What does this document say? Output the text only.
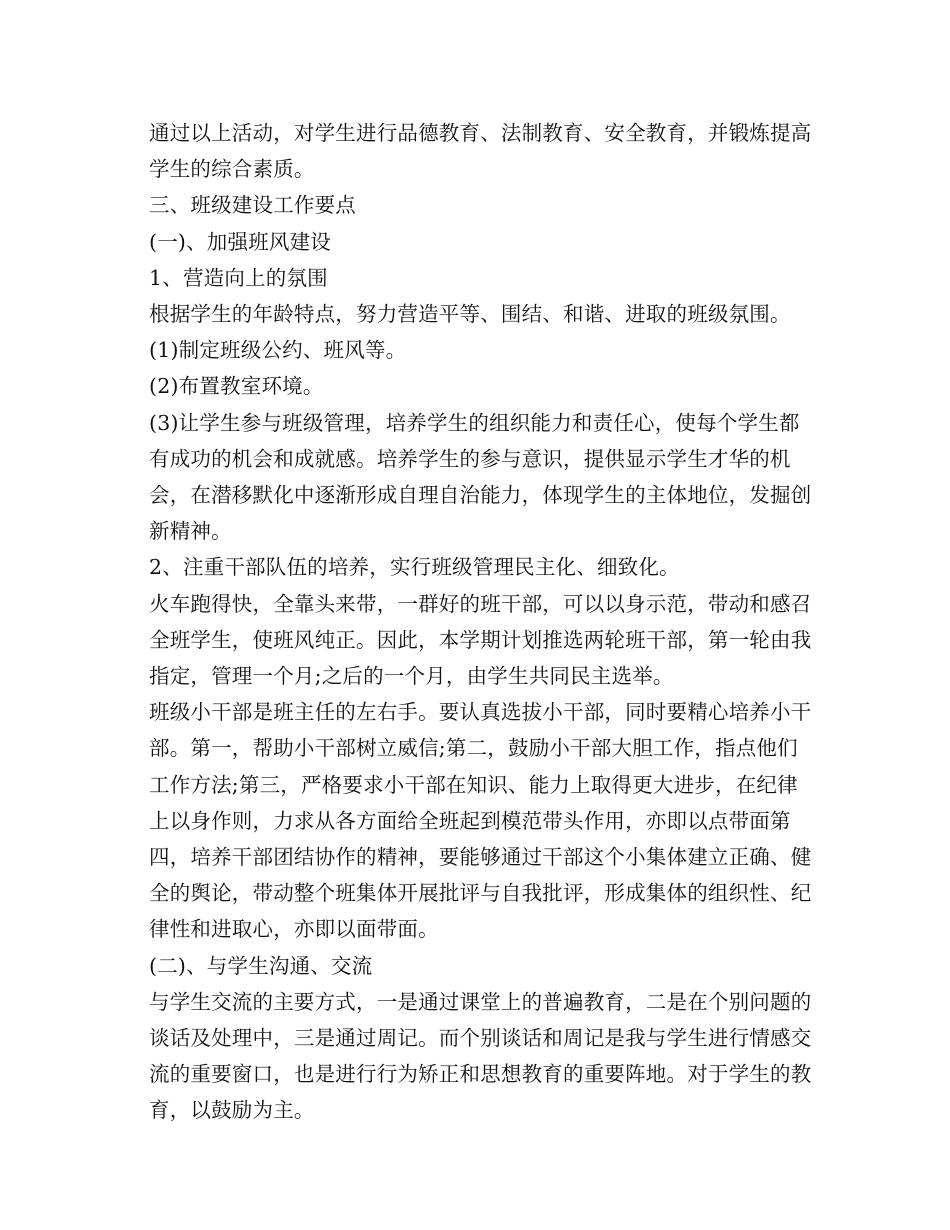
通过以上活动，对学生进行品德教育、法制教育、安全教育，并锻炼提高学生的综合素质。

三、班级建设工作要点

(一)、加强班风建设

1、营造向上的氛围

根据学生的年龄特点，努力营造平等、围结、和谐、进取的班级氛围。

(1)制定班级公约、班风等。

(2)布置教室环境。

(3)让学生参与班级管理，培养学生的组织能力和责任心，使每个学生都有成功的机会和成就感。培养学生的参与意识，提供显示学生才华的机会，在潜移默化中逐渐形成自理自治能力，体现学生的主体地位，发掘创新精神。

2、注重干部队伍的培养，实行班级管理民主化、细致化。

火车跑得快，全靠头来带，一群好的班干部，可以以身示范，带动和感召全班学生，使班风纯正。因此，本学期计划推选两轮班干部，第一轮由我指定，管理一个月;之后的一个月，由学生共同民主选举。

班级小干部是班主任的左右手。要认真选拔小干部，同时要精心培养小干部。第一，帮助小干部树立威信;第二，鼓励小干部大胆工作，指点他们工作方法;第三，严格要求小干部在知识、能力上取得更大进步，在纪律上以身作则，力求从各方面给全班起到模范带头作用，亦即以点带面第四，培养干部团结协作的精神，要能够通过干部这个小集体建立正确、健全的舆论，带动整个班集体开展批评与自我批评，形成集体的组织性、纪律性和进取心，亦即以面带面。

(二)、与学生沟通、交流

与学生交流的主要方式，一是通过课堂上的普遍教育，二是在个别问题的谈话及处理中，三是通过周记。而个别谈话和周记是我与学生进行情感交流的重要窗口，也是进行行为矫正和思想教育的重要阵地。对于学生的教育，以鼓励为主。
